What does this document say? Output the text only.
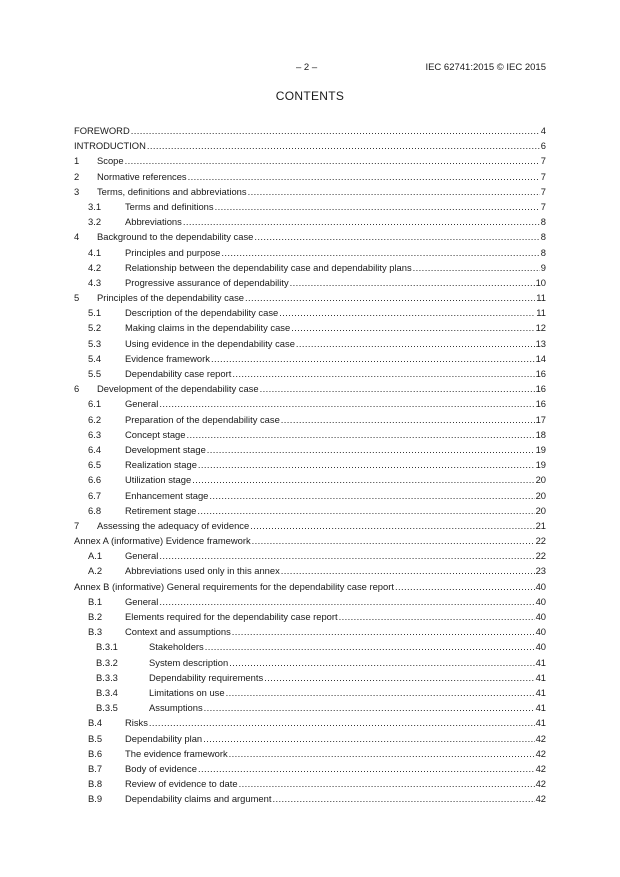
– 2 –	IEC 62741:2015 © IEC 2015
CONTENTS
FOREWORD .....	4
INTRODUCTION .....	6
1	Scope .....	7
2	Normative references .....	7
3	Terms, definitions and abbreviations .....	7
3.1	Terms and definitions .....	7
3.2	Abbreviations .....	8
4	Background to the dependability case .....	8
4.1	Principles and purpose .....	8
4.2	Relationship between the dependability case and dependability plans .....	9
4.3	Progressive assurance of dependability .....	10
5	Principles of the dependability case .....	11
5.1	Description of the dependability case .....	11
5.2	Making claims in the dependability case .....	12
5.3	Using evidence in the dependability case .....	13
5.4	Evidence framework .....	14
5.5	Dependability case report .....	16
6	Development of the dependability case .....	16
6.1	General .....	16
6.2	Preparation of the dependability case .....	17
6.3	Concept stage .....	18
6.4	Development stage .....	19
6.5	Realization stage .....	19
6.6	Utilization stage .....	20
6.7	Enhancement stage .....	20
6.8	Retirement stage .....	20
7	Assessing the adequacy of evidence .....	21
Annex A (informative) Evidence framework .....	22
A.1	General .....	22
A.2	Abbreviations used only in this annex .....	23
Annex B (informative) General requirements for the dependability case report .....	40
B.1	General .....	40
B.2	Elements required for the dependability case report .....	40
B.3	Context and assumptions .....	40
B.3.1	Stakeholders .....	40
B.3.2	System description .....	41
B.3.3	Dependability requirements .....	41
B.3.4	Limitations on use .....	41
B.3.5	Assumptions .....	41
B.4	Risks .....	41
B.5	Dependability plan .....	42
B.6	The evidence framework .....	42
B.7	Body of evidence .....	42
B.8	Review of evidence to date .....	42
B.9	Dependability claims and argument .....	42
